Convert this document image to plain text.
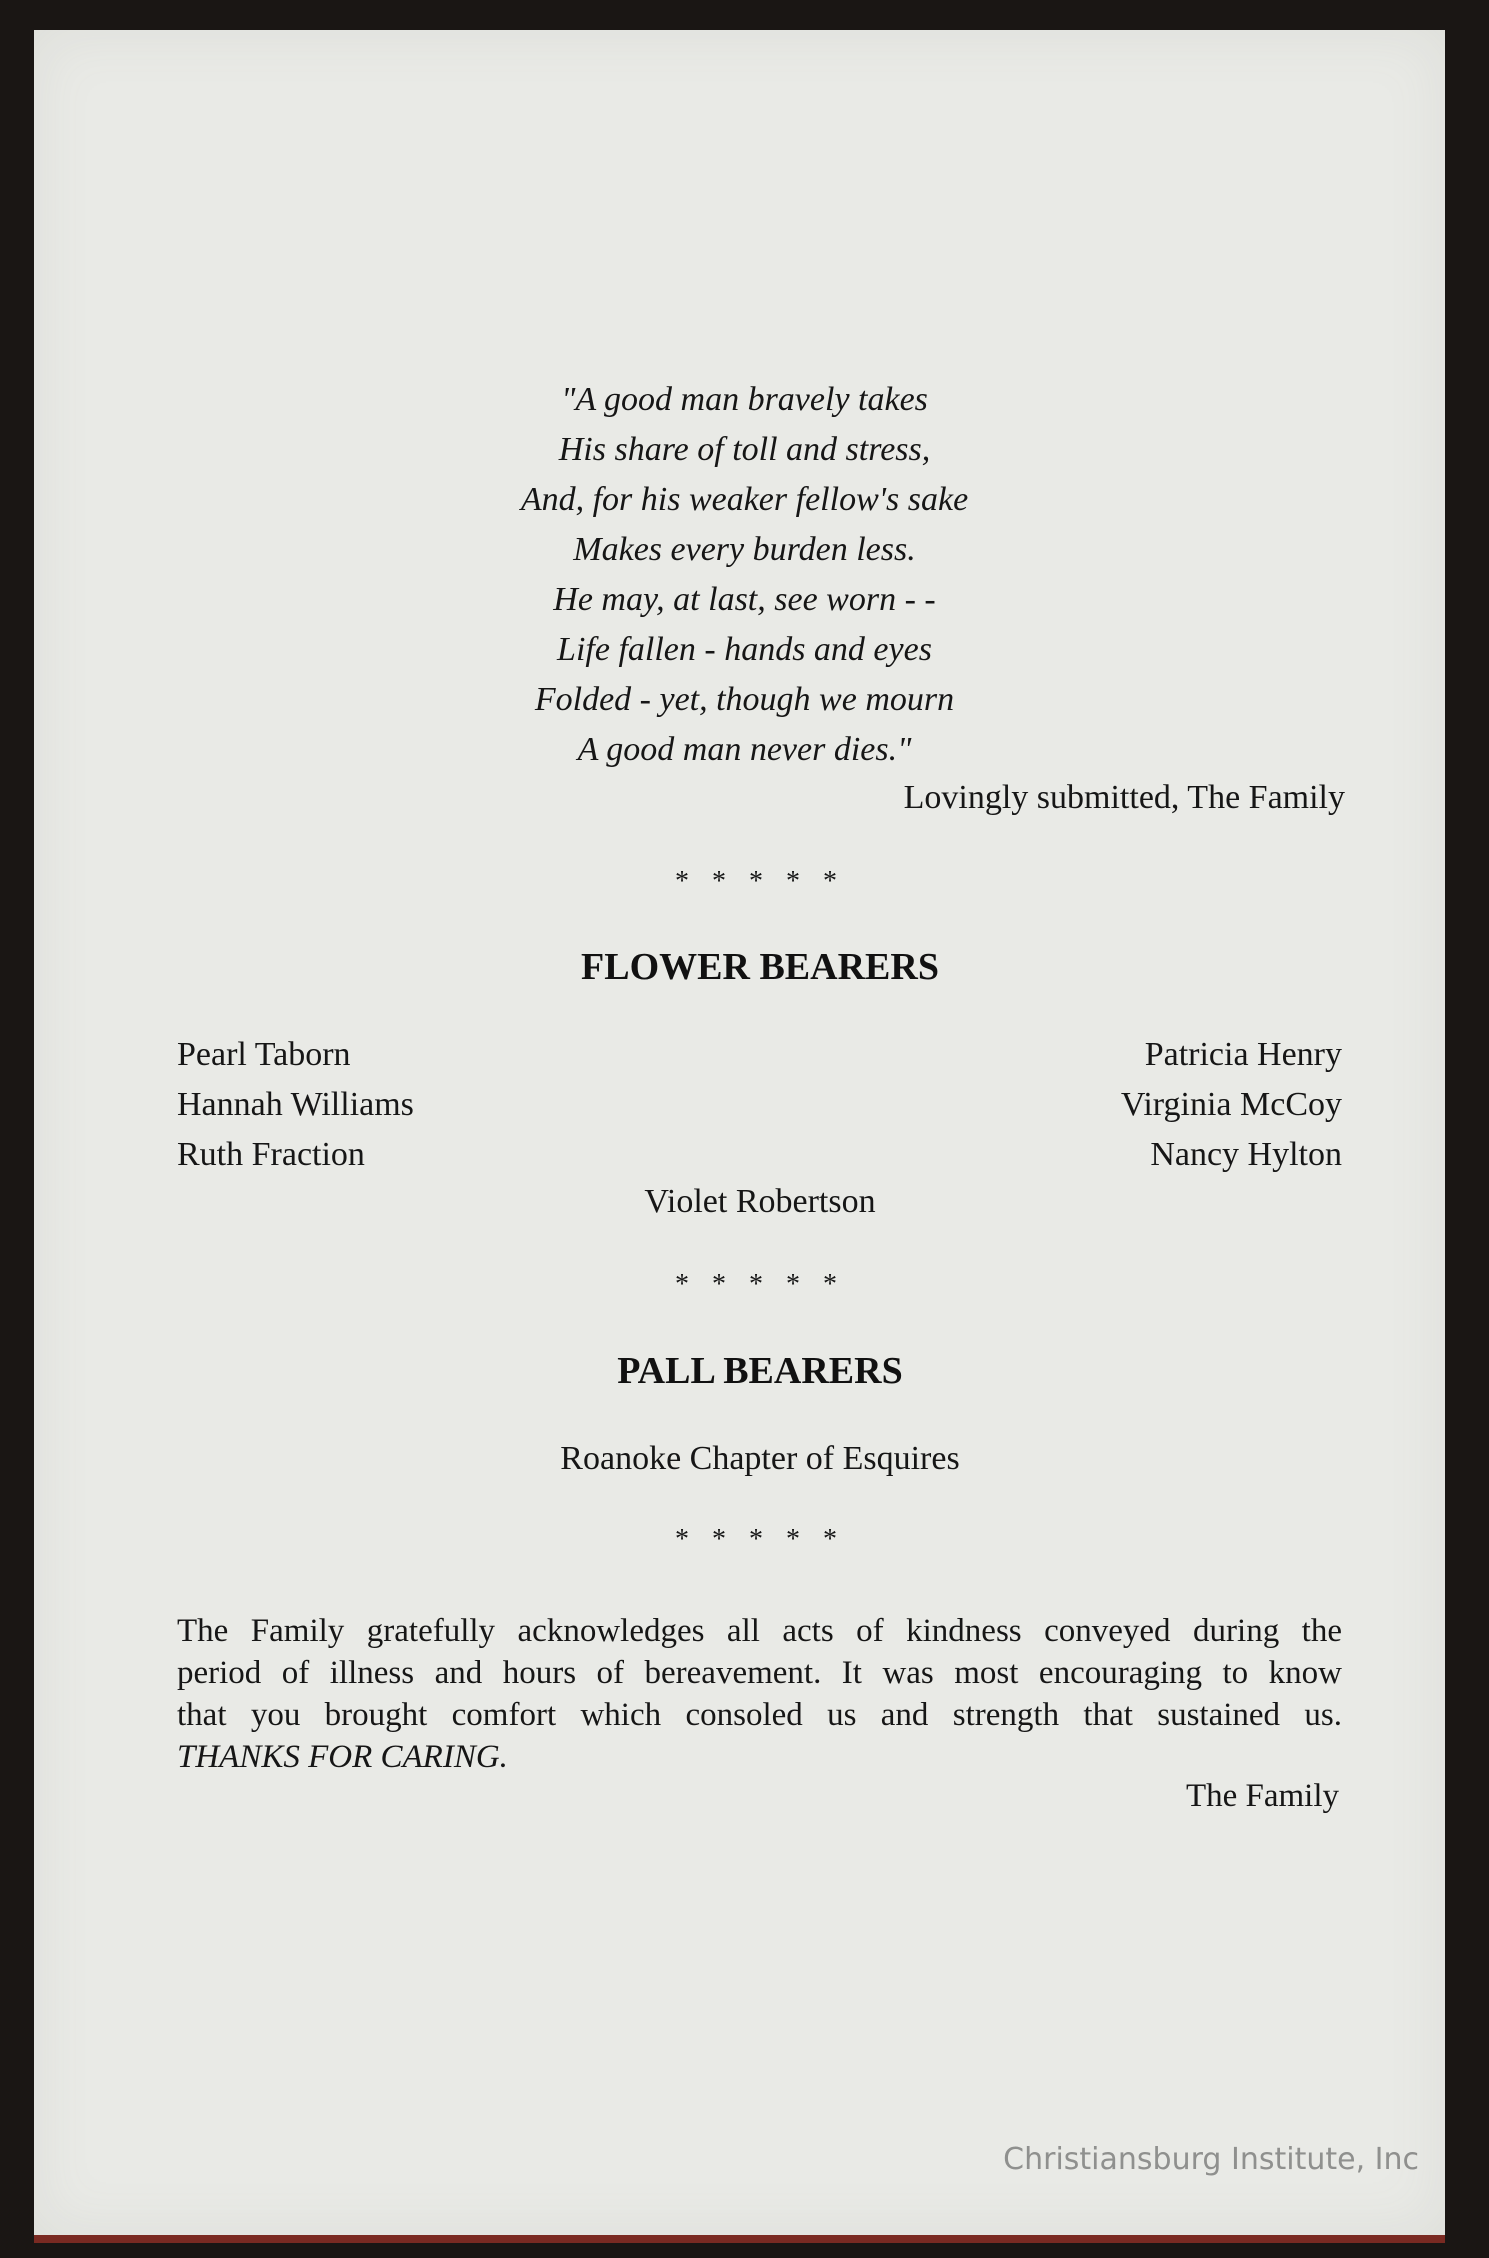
"A good man bravely takes
His share of toll and stress,
And, for his weaker fellow's sake
Makes every burden less.
He may, at last, see worn - -
Life fallen - hands and eyes
Folded - yet, though we mourn
A good man never dies."
Lovingly submitted, The Family
* * * * *
FLOWER BEARERS
Pearl Taborn
Hannah Williams
Ruth Fraction
Patricia Henry
Virginia McCoy
Nancy Hylton
Violet Robertson
* * * * *
PALL BEARERS
Roanoke Chapter of Esquires
* * * * *
The Family gratefully acknowledges all acts of kindness conveyed during the
period of illness and hours of bereavement. It was most encouraging to know
that you brought comfort which consoled us and strength that sustained us.
THANKS FOR CARING.
The Family
Christiansburg Institute, Inc
